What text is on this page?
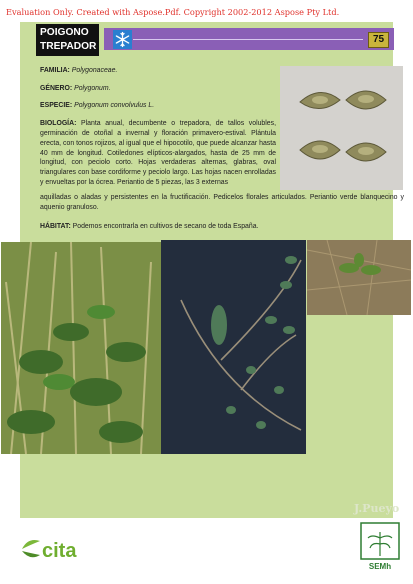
Evaluation Only. Created with Aspose.Pdf. Copyright 2002-2012 Aspose Pty Ltd.
POIGONO
TREPADOR
75
FAMILIA: Polygonaceae.
GÉNERO: Polygonum.
ESPECIE: Polygonum convolvulus L.
BIOLOGÍA: Planta anual, decumbente o trepadora, de tallos volubles, germinación de otoñal a invernal y floración primavero-estival. Plántula erecta, con tonos rojizos, al igual que el hipocotilo, que puede alcanzar hasta 40 mm de longitud. Cotiledones elípticos-alargados, hasta de 25 mm de longitud, con peciolo corto. Hojas verdaderas alternas, glabras, oval triangulares con base cordiforme y peciolo largo. Las hojas nacen enrolladas y envueltas por la ócrea. Periantio de 5 piezas, las 3 externas
aquilladas o aladas y persistentes en la fructificación. Pedicelos florales articulados. Periantio verde blanquecino y aquenio granuloso.
HÁBITAT: Podemos encontrarla en cultivos de secano de toda España.
J.Pueyo
cita
SEMh
